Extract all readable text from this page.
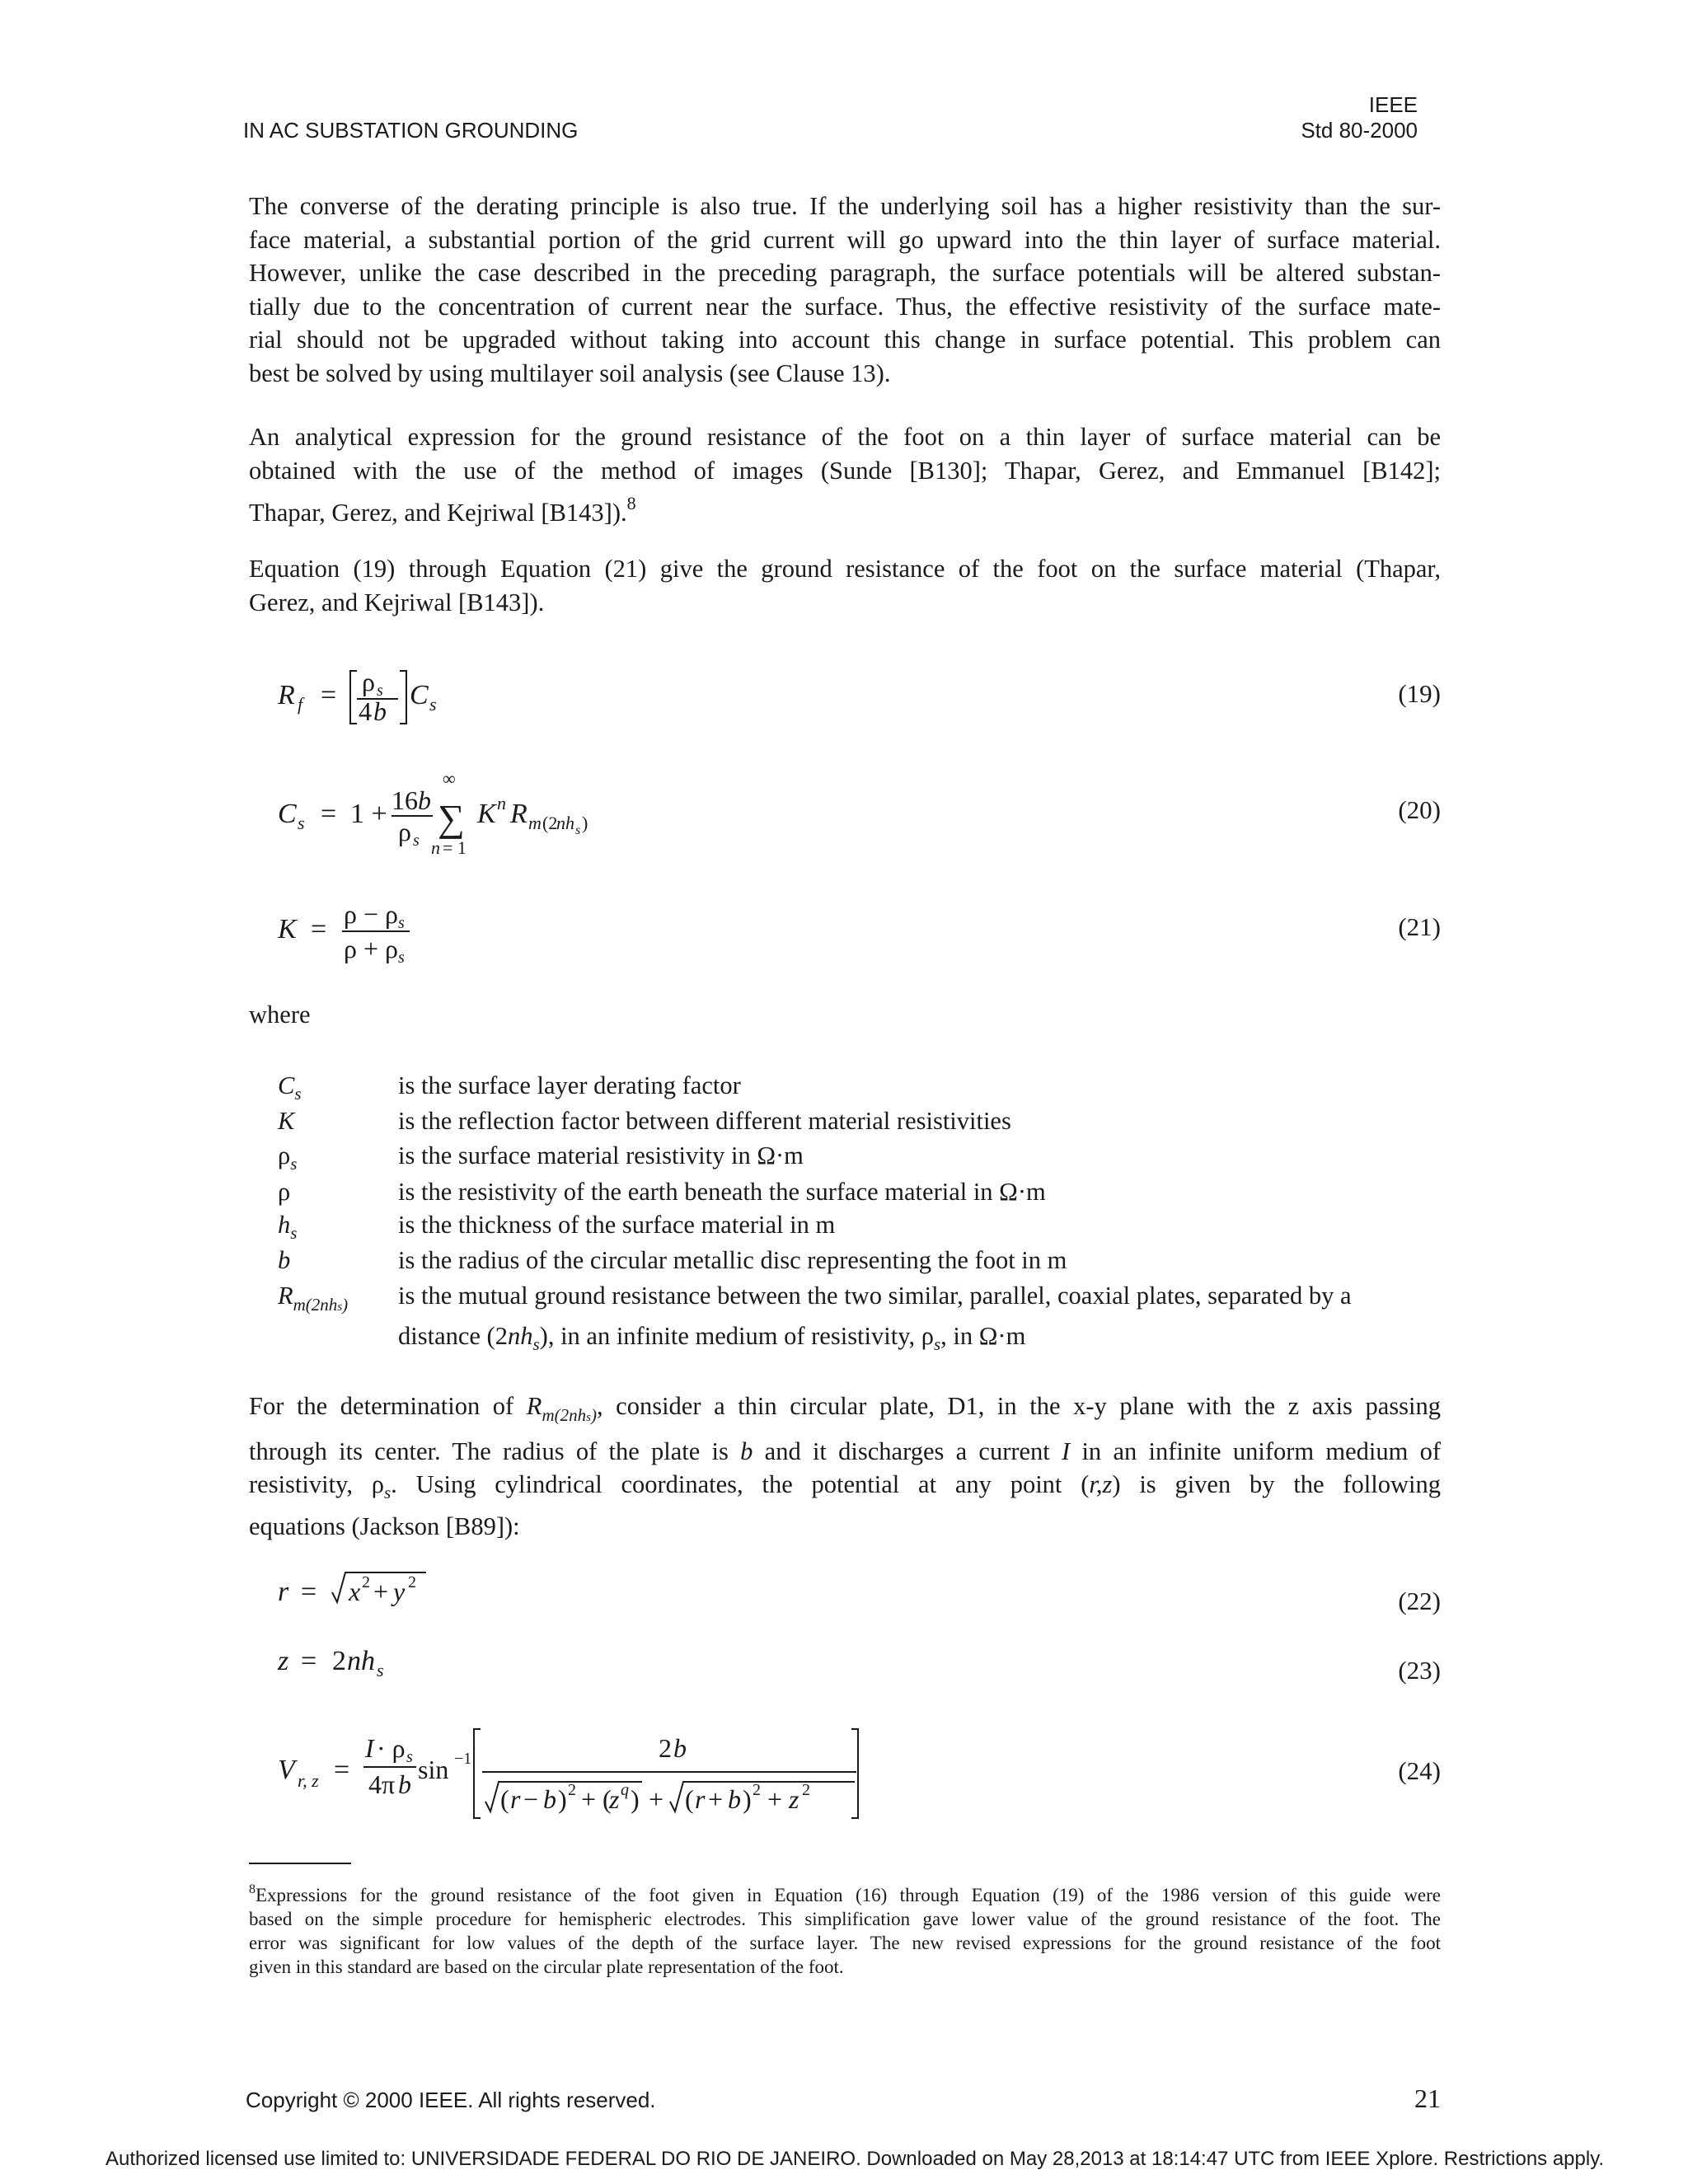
IEEE
IN AC SUBSTATION GROUNDING	Std 80-2000
The converse of the derating principle is also true. If the underlying soil has a higher resistivity than the sur-
face material, a substantial portion of the grid current will go upward into the thin layer of surface material.
However, unlike the case described in the preceding paragraph, the surface potentials will be altered substan-
tially due to the concentration of current near the surface. Thus, the effective resistivity of the surface mate-
rial should not be upgraded without taking into account this change in surface potential. This problem can
best be solved by using multilayer soil analysis (see Clause 13).
An analytical expression for the ground resistance of the foot on a thin layer of surface material can be
obtained with the use of the method of images (Sunde [B130]; Thapar, Gerez, and Emmanuel [B142];
Thapar, Gerez, and Kejriwal [B143]).$^8$
Equation (19) through Equation (21) give the ground resistance of the foot on the surface material (Thapar,
Gerez, and Kejriwal [B143]).
R f = ρ s
4 b
C s	(19)
C s = 1 + 16 b
ρ s
∞
∑
n = 1
K n R m (2
nh s )	(20)
K = ρ − ρ s
ρ + ρ s
(21)
where
$C_s$	is the surface layer derating factor
K	is the reflection factor between different material resistivities
$\rho_s$	is the surface material resistivity in Ω·m
ρ	is the resistivity of the earth beneath the surface material in Ω·m
$h_s$	is the thickness of the surface material in m
b	is the radius of the circular metallic disc representing the foot in m
$R_{m(2nhs)}$ is the mutual ground resistance between the two similar, parallel, coaxial plates, separated by a
distance $(2nh_s)$, in an infinite medium of resistivity, $\rho_s$, in Ω·m
For the determination of $R_{m(2nhs)}$, consider a thin circular plate, D1, in the x-y plane with the z axis passing
through its center. The radius of the plate is b and it discharges a current I in an infinite uniform medium of
resistivity, $\rho_s$. Using cylindrical coordinates, the potential at any point (r,z) is given by the following
equations (Jackson [B89]):
r = x 2 + y 2
(22)
z = 2 nh s	(23)
V r, z =
I · ρ s
4π b sin −1	2 b
( r − b ) 2 + (
z q ) + ( r + b ) 2 + z 2
(24)
$^8$Expressions for the ground resistance of the foot given in Equation (16) through Equation (19) of the 1986 version of this guide were
based on the simple procedure for hemispheric electrodes. This simplification gave lower value of the ground resistance of the foot. The
error was significant for low values of the depth of the surface layer. The new revised expressions for the ground resistance of the foot
given in this standard are based on the circular plate representation of the foot.
Copyright © 2000 IEEE. All rights reserved.	21
Authorized licensed use limited to: UNIVERSIDADE FEDERAL DO RIO DE JANEIRO. Downloaded on May 28,2013 at 18:14:47 UTC from IEEE Xplore. Restrictions apply.
